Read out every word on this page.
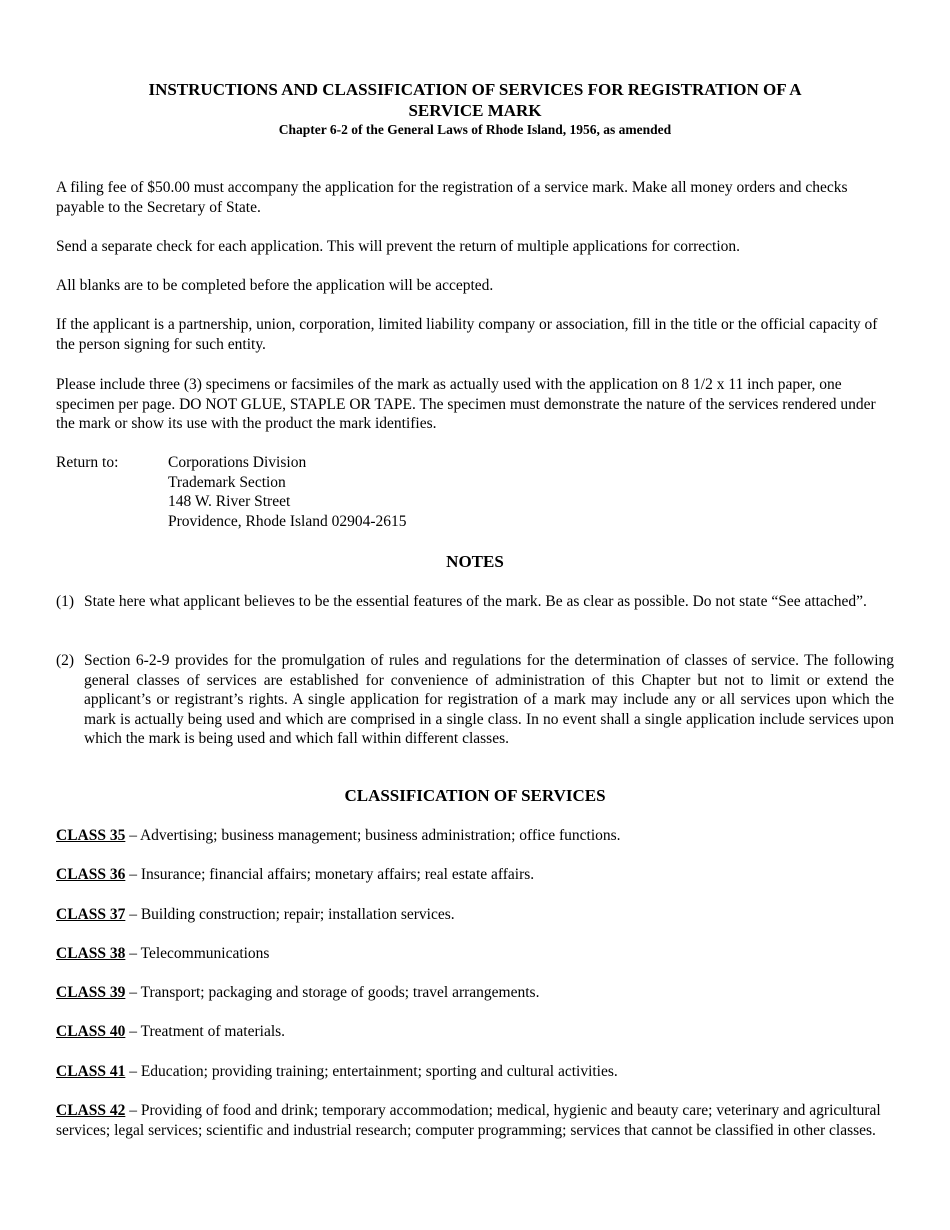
INSTRUCTIONS AND CLASSIFICATION OF SERVICES FOR REGISTRATION OF A
SERVICE MARK
Chapter 6-2 of the General Laws of Rhode Island, 1956, as amended
A filing fee of $50.00 must accompany the application for the registration of a service mark. Make all money orders and checks payable to the Secretary of State.
Send a separate check for each application. This will prevent the return of multiple applications for correction.
All blanks are to be completed before the application will be accepted.
If the applicant is a partnership, union, corporation, limited liability company or association, fill in the title or the official capacity of the person signing for such entity.
Please include three (3) specimens or facsimiles of the mark as actually used with the application on 8 1/2 x 11 inch paper, one specimen per page. DO NOT GLUE, STAPLE OR TAPE. The specimen must demonstrate the nature of the services rendered under the mark or show its use with the product the mark identifies.
Return to:	Corporations Division
Trademark Section
148 W. River Street
Providence, Rhode Island 02904-2615
NOTES
(1) State here what applicant believes to be the essential features of the mark. Be as clear as possible. Do not state “See attached”.
(2) Section 6-2-9 provides for the promulgation of rules and regulations for the determination of classes of service. The following general classes of services are established for convenience of administration of this Chapter but not to limit or extend the applicant’s or registrant’s rights. A single application for registration of a mark may include any or all services upon which the mark is actually being used and which are comprised in a single class. In no event shall a single application include services upon which the mark is being used and which fall within different classes.
CLASSIFICATION OF SERVICES
CLASS 35 – Advertising; business management; business administration; office functions.
CLASS 36 – Insurance; financial affairs; monetary affairs; real estate affairs.
CLASS 37 – Building construction; repair; installation services.
CLASS 38 – Telecommunications
CLASS 39 – Transport; packaging and storage of goods; travel arrangements.
CLASS 40 – Treatment of materials.
CLASS 41 – Education; providing training; entertainment; sporting and cultural activities.
CLASS 42 – Providing of food and drink; temporary accommodation; medical, hygienic and beauty care; veterinary and agricultural services; legal services; scientific and industrial research; computer programming; services that cannot be classified in other classes.
